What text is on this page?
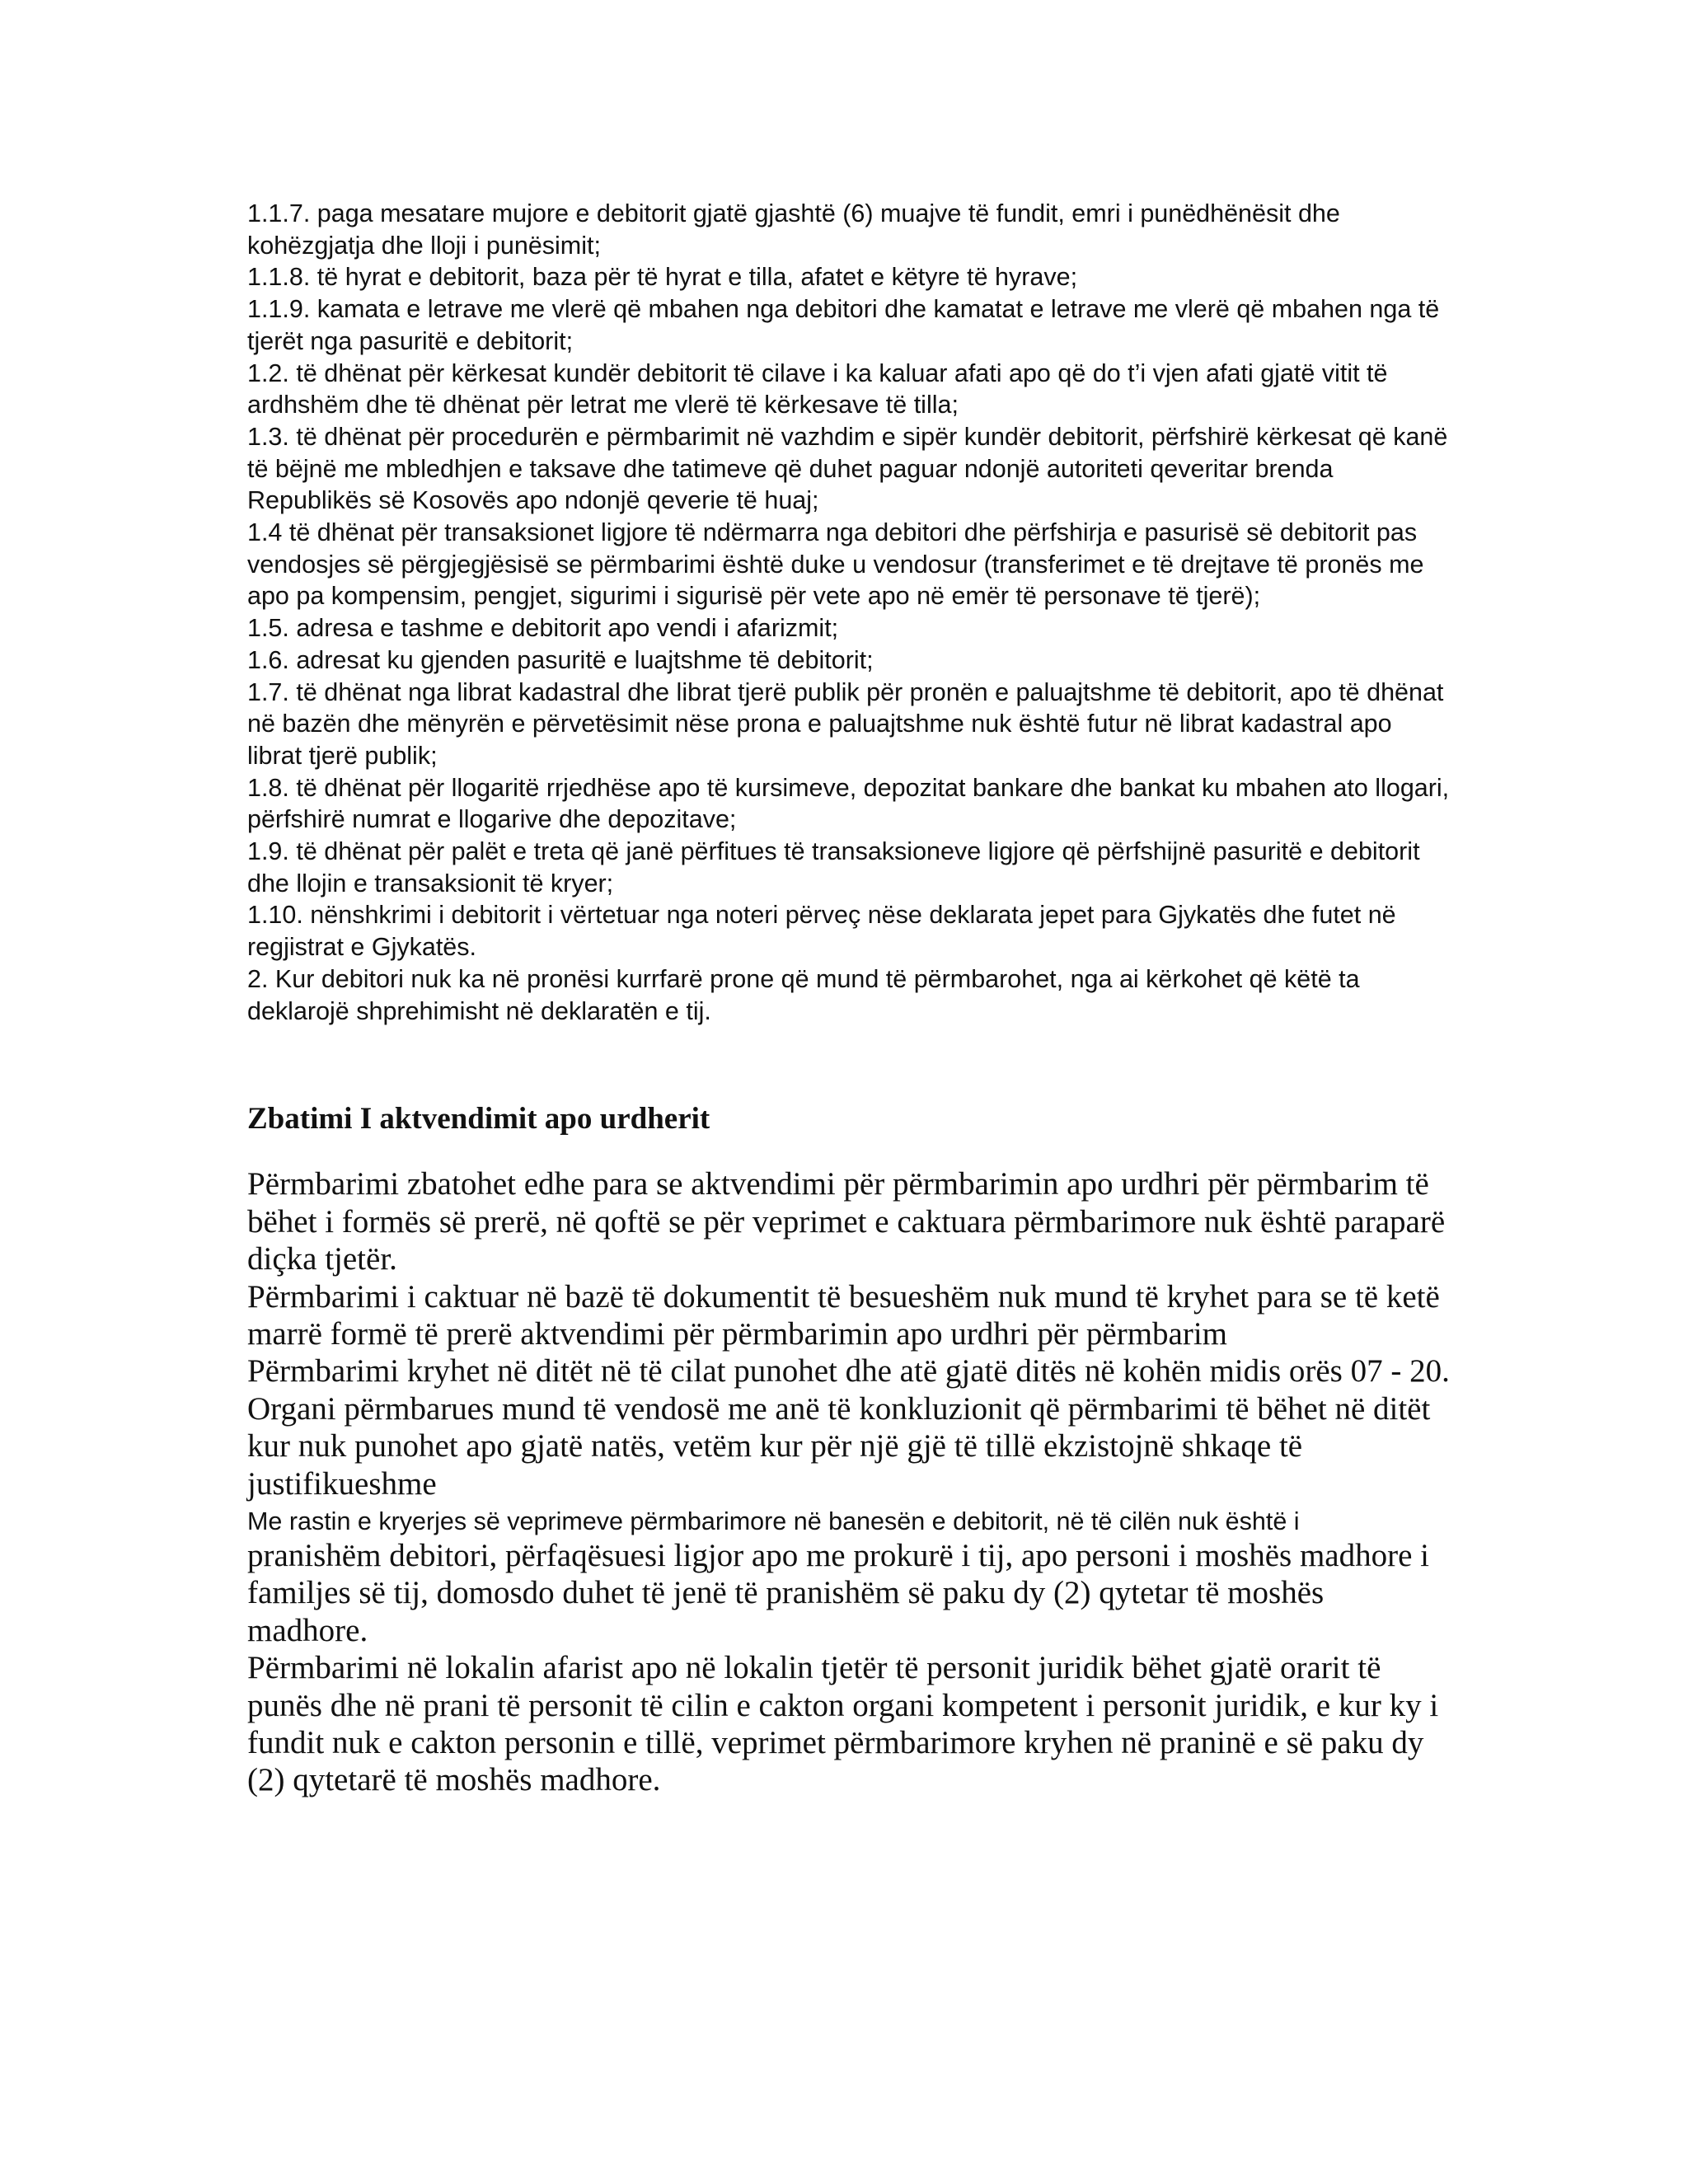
1.1.7. paga mesatare mujore e debitorit gjatë gjashtë (6) muajve të fundit, emri i punëdhënësit dhe kohëzgjatja dhe lloji i punësimit;

1.1.8. të hyrat e debitorit, baza për të hyrat e tilla, afatet e këtyre të hyrave;

1.1.9. kamata e letrave me vlerë që mbahen nga debitori dhe kamatat e letrave me vlerë që mbahen nga të tjerët nga pasuritë e debitorit;

1.2. të dhënat për kërkesat kundër debitorit të cilave i ka kaluar afati apo që do t’i vjen afati gjatë vitit të ardhshëm dhe të dhënat për letrat me vlerë të kërkesave të tilla;

1.3. të dhënat për procedurën e përmbarimit në vazhdim e sipër kundër debitorit, përfshirë kërkesat që kanë të bëjnë me mbledhjen e taksave dhe tatimeve që duhet paguar ndonjë autoriteti qeveritar brenda Republikës së Kosovës apo ndonjë qeverie të huaj;

1.4 të dhënat për transaksionet ligjore të ndërmarra nga debitori dhe përfshirja e pasurisë së debitorit pas vendosjes së përgjegjësisë se përmbarimi është duke u vendosur (transferimet e të drejtave të pronës me apo pa kompensim, pengjet, sigurimi i sigurisë për vete apo në emër të personave të tjerë);

1.5. adresa e tashme e debitorit apo vendi i afarizmit;

1.6. adresat ku gjenden pasuritë e luajtshme të debitorit;

1.7. të dhënat nga librat kadastral dhe librat tjerë publik për pronën e paluajtshme të debitorit, apo të dhënat në bazën dhe mënyrën e përvetësimit nëse prona e paluajtshme nuk është futur në librat kadastral apo librat tjerë publik;

1.8. të dhënat për llogaritë rrjedhëse apo të kursimeve, depozitat bankare dhe bankat ku mbahen ato llogari, përfshirë numrat e llogarive dhe depozitave;

1.9. të dhënat për palët e treta që janë përfitues të transaksioneve ligjore që përfshijnë pasuritë e debitorit dhe llojin e transaksionit të kryer;

1.10. nënshkrimi i debitorit i vërtetuar nga noteri përveç nëse deklarata jepet para Gjykatës dhe futet në regjistrat e Gjykatës.

2. Kur debitori nuk ka në pronësi kurrfarë prone që mund të përmbarohet, nga ai kërkohet që këtë ta deklarojë shprehimisht në deklaratën e tij.

Zbatimi I aktvendimit apo urdherit

Përmbarimi zbatohet edhe para se aktvendimi për përmbarimin apo urdhri për përmbarim të bëhet i formës së prerë, në qoftë se për veprimet e caktuara përmbarimore nuk është paraparë diçka tjetër.

Përmbarimi i caktuar në bazë të dokumentit të besueshëm nuk mund të kryhet para se të ketë marrë formë të prerë aktvendimi për përmbarimin apo urdhri për përmbarim

Përmbarimi kryhet në ditët në të cilat punohet dhe atë gjatë ditës në kohën midis orës 07 - 20.

Organi përmbarues mund të vendosë me anë të konkluzionit që përmbarimi të bëhet në ditët kur nuk punohet apo gjatë natës, vetëm kur për një gjë të tillë ekzistojnë shkaqe të justifikueshme

Me rastin e kryerjes së veprimeve përmbarimore në banesën e debitorit, në të cilën nuk është i
pranishëm debitori, përfaqësuesi ligjor apo me prokurë i tij, apo personi i moshës madhore i familjes së tij, domosdo duhet të jenë të pranishëm së paku dy (2) qytetar të moshës madhore.

Përmbarimi në lokalin afarist apo në lokalin tjetër të personit juridik bëhet gjatë orarit të punës dhe në prani të personit të cilin e cakton organi kompetent i personit juridik, e kur ky i fundit nuk e cakton personin e tillë, veprimet përmbarimore kryhen në praninë e së paku dy (2) qytetarë të moshës madhore.
